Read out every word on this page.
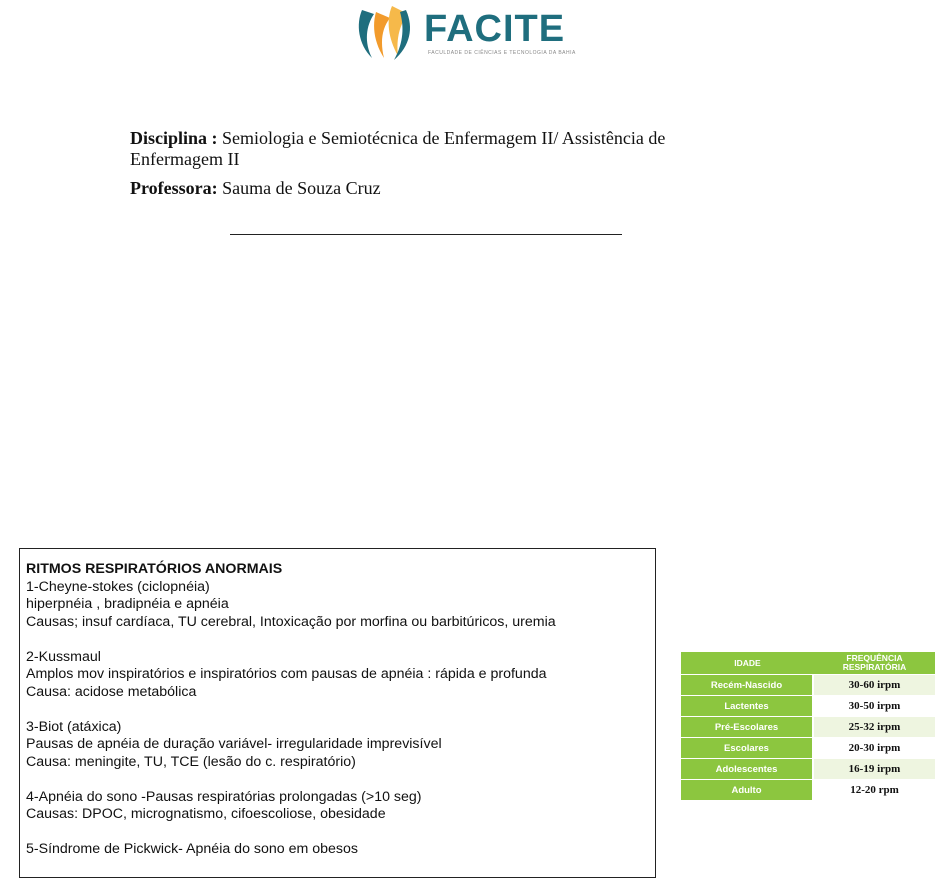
FACITE
FACULDADE DE CIÊNCIAS E TECNOLOGIA DA BAHIA

Disciplina : Semiologia e Semiotécnica de Enfermagem II/ Assistência de

Enfermagem II

Professora: Sauma de Souza Cruz

RITMOS RESPIRATÓRIOS ANORMAIS

1-Cheyne-stokes (ciclopnéia)

hiperpnéia , bradipnéia e apnéia

Causas; insuf cardíaca, TU cerebral, Intoxicação por morfina ou barbitúricos, uremia

2-Kussmaul

Amplos mov inspiratórios e inspiratórios com pausas de apnéia : rápida e profunda

Causa: acidose metabólica

3-Biot (atáxica)

Pausas de apnéia de duração variável- irregularidade imprevisível

Causa: meningite, TU, TCE (lesão do c. respiratório)

4-Apnéia do sono -Pausas respiratórias prolongadas (>10 seg)

Causas: DPOC, micrognatismo, cifoescoliose, obesidade

5-Síndrome de Pickwick- Apnéia do sono em obesos

IDADE	FREQUÊNCIA
RESPIRATÓRIA
Recém-Nascido	30-60 irpm
Lactentes	30-50 irpm
Pré-Escolares	25-32 irpm
Escolares	20-30 irpm
Adolescentes	16-19 irpm
Adulto	12-20 rpm
